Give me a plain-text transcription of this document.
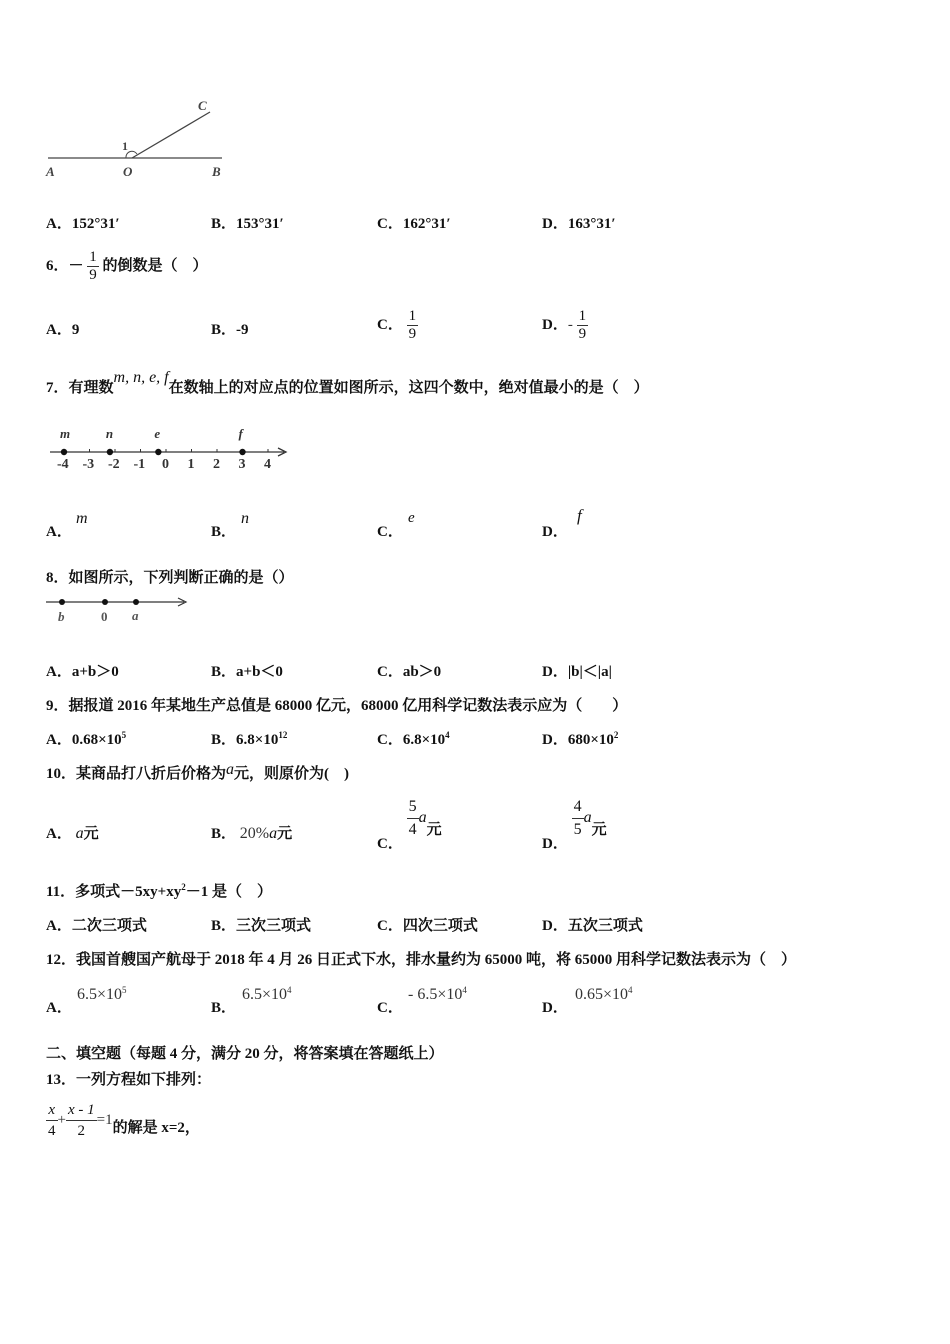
A	O	B
C
1
A．152°31′	B．153°31′	C．162°31′	D．163°31′
6．－ $\frac{1}{9}$ 的倒数是（　）
A．9	B．-9	C． $\frac{1}{9}$	D．- $\frac{1}{9}$
7．有理数m, n, e, f在数轴上的对应点的位置如图所示，这四个数中，绝对值最小的是（　）
-4 -3 -2 -1 0 1 2 3 4
m	n	e	f
A．
m
B．
n
C．
e
D．
f
8．如图所示，下列判断正确的是（）
b	0 a
A．a+b＞0	B．a+b＜0	C．ab＞0	D．|b|＜|a|
9．据报道 2016 年某地生产总值是 68000 亿元，68000 亿用科学记数法表示应为（　　）
A．$0.68\times 10^5$	B．$6.8\times 10^{12}$	C．$6.8\times 10^4$	D．$680\times 10^2$
10．某商品打八折后价格为a元，则原价为(　)
A． a元	B． 20%a元
C．
$\frac{5}{4}$ a元
D．
$\frac{4}{5}$ a元
11．多项式$-5xy+xy^2-1$ 是（　）
A．二次三项式	B．三次三项式	C．四次三项式	D．五次三项式
12．我国首艘国产航母于 2018 年 4 月 26 日正式下水，排水量约为 65000 吨，将 65000 用科学记数法表示为（　）
A．
$6.5\times 10^5$
B．
$6.5\times 10^4$
C．
- $6.5\times 10^4$
D．
$0.65\times 10^4$
二、填空题（每题 4 分，满分 20 分，将答案填在答题纸上）
13．一列方程如下排列：
$\frac{x}{4} + \frac{x - 1}{2} =1$的解是 x=2，
